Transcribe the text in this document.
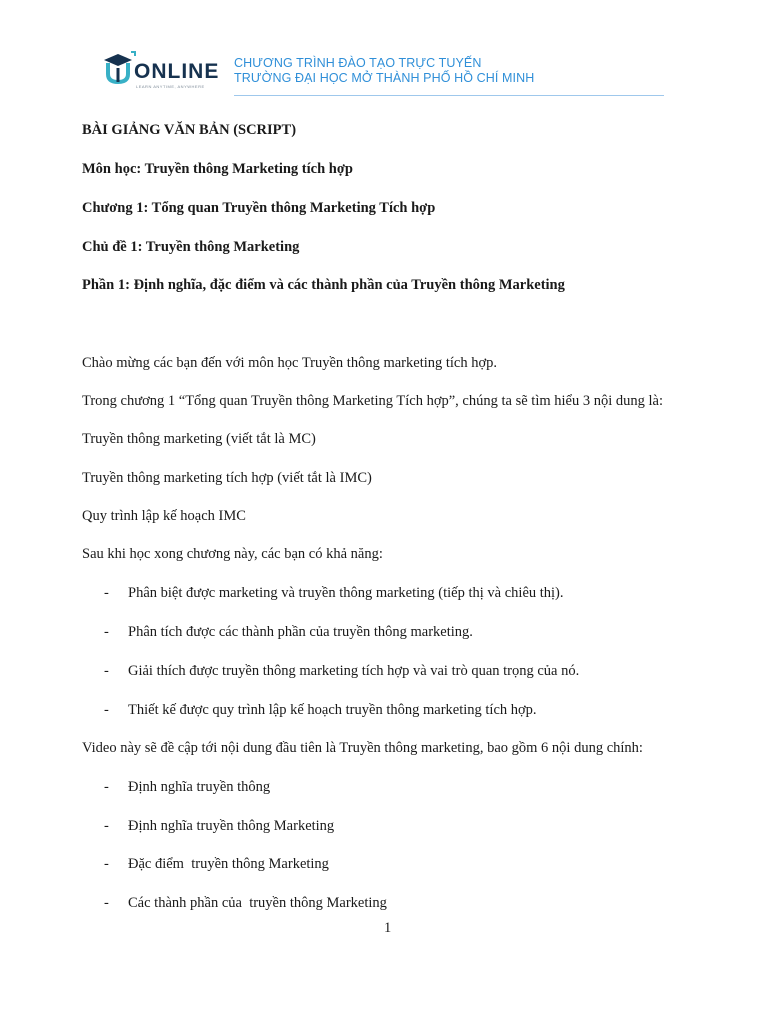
ONLINE
LEARN ANYTIME, ANYWHERE
CHƯƠNG TRÌNH ĐÀO TẠO TRỰC TUYẾN
TRƯỜNG ĐẠI HỌC MỞ THÀNH PHỐ HỒ CHÍ MINH

BÀI GIẢNG VĂN BẢN (SCRIPT)

Môn học: Truyền thông Marketing tích hợp

Chương 1: Tổng quan Truyền thông Marketing Tích hợp

Chủ đề 1: Truyền thông Marketing

Phần 1: Định nghĩa, đặc điểm và các thành phần của Truyền thông Marketing

Chào mừng các bạn đến với môn học Truyền thông marketing tích hợp.

Trong chương 1 “Tổng quan Truyền thông Marketing Tích hợp”, chúng ta sẽ tìm hiểu 3 nội dung là:

Truyền thông marketing (viết tắt là MC)

Truyền thông marketing tích hợp (viết tắt là IMC)

Quy trình lập kế hoạch IMC

Sau khi học xong chương này, các bạn có khả năng:

- Phân biệt được marketing và truyền thông marketing (tiếp thị và chiêu thị).

- Phân tích được các thành phần của truyền thông marketing.

- Giải thích được truyền thông marketing tích hợp và vai trò quan trọng của nó.

- Thiết kế được quy trình lập kế hoạch truyền thông marketing tích hợp.

Video này sẽ đề cập tới nội dung đầu tiên là Truyền thông marketing, bao gồm 6 nội dung chính:

- Định nghĩa truyền thông

- Định nghĩa truyền thông Marketing

- Đặc điểm  truyền thông Marketing

- Các thành phần của  truyền thông Marketing

1
